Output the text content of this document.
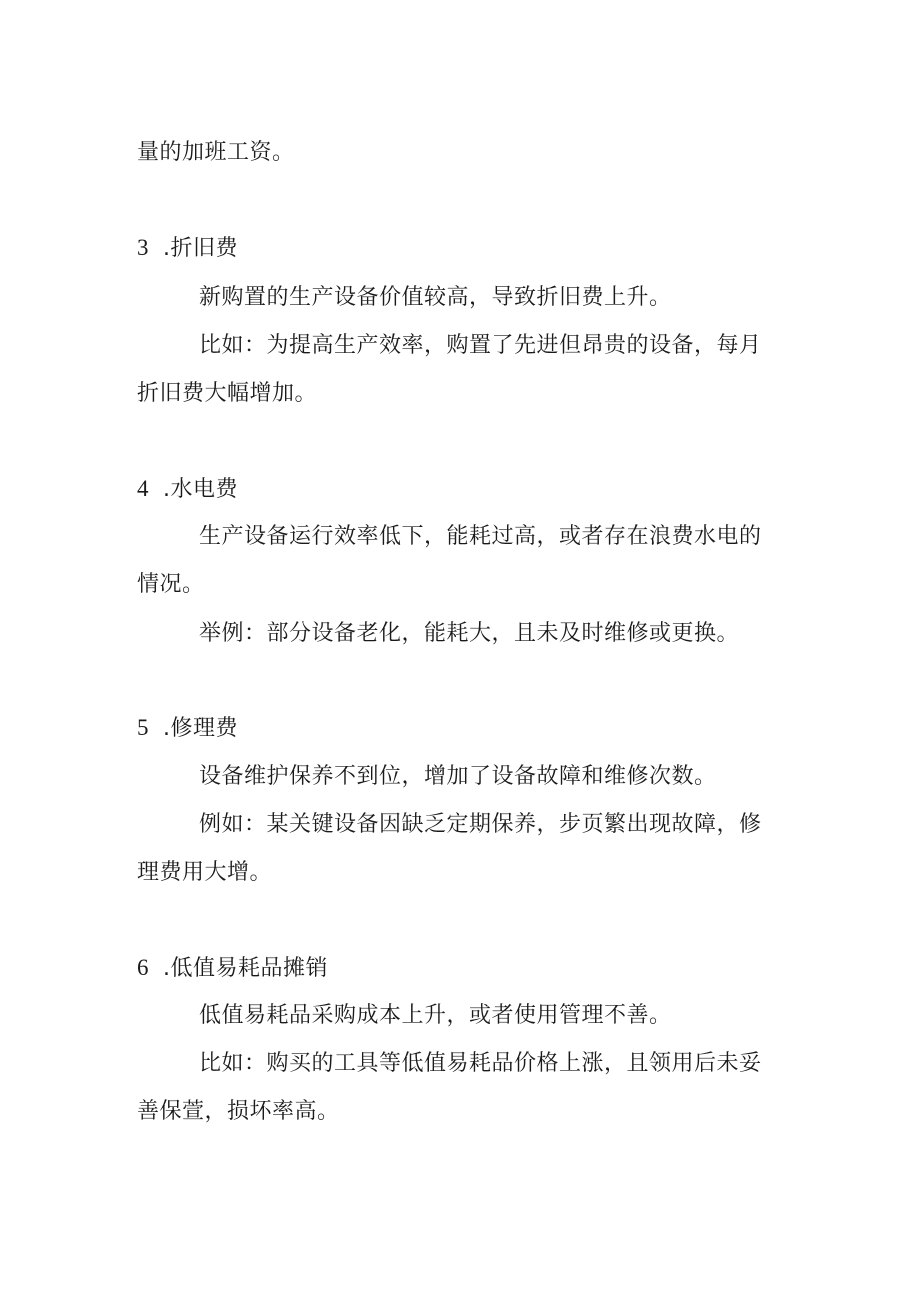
量的加班工资。
3 .折旧费
新购置的生产设备价值较高，导致折旧费上升。
比如：为提高生产效率，购置了先进但昂贵的设备，每月
折旧费大幅增加。
4 .水电费
生产设备运行效率低下，能耗过高，或者存在浪费水电的
情况。
举例：部分设备老化，能耗大，且未及时维修或更换。
5 .修理费
设备维护保养不到位，增加了设备故障和维修次数。
例如：某关键设备因缺乏定期保养，步页繁出现故障，修
理费用大增。
6 .低值易耗品摊销
低值易耗品采购成本上升，或者使用管理不善。
比如：购买的工具等低值易耗品价格上涨，且领用后未妥
善保萱，损坏率高。
